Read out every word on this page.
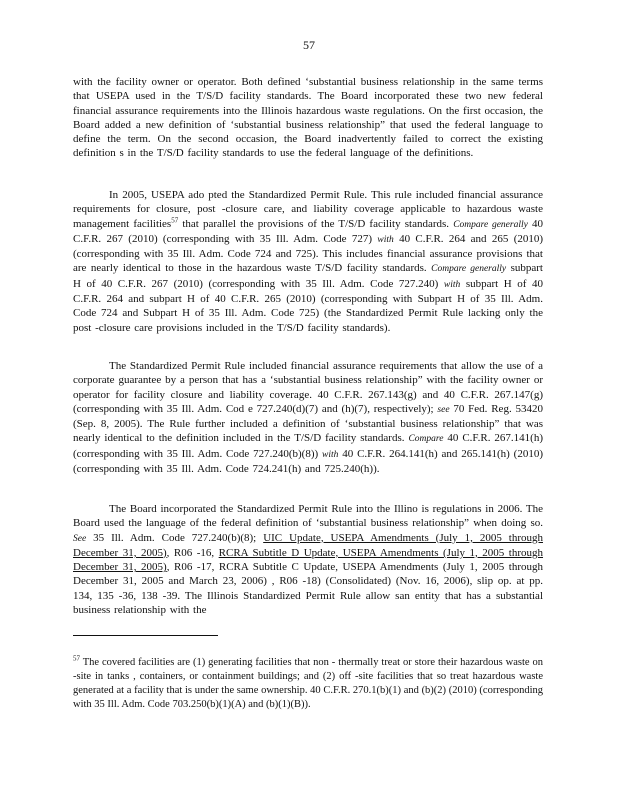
57

with the facility owner or operator. Both defined ‘substantial business relationship in the same terms that USEPA used in the T/S/D facility standards. The Board incorporated these two new federal financial assurance requirements into the Illinois hazardous waste regulations. On the first occasion, the Board added a new definition of ‘substantial business relationship” that used the federal language to define the term. On the second occasion, the Board inadvertently failed to correct the existing definition s in the T/S/D facility standards to use the federal language of the definitions.

In 2005, USEPA ado pted the Standardized Permit Rule. This rule included financial assurance requirements for closure, post -closure care, and liability coverage applicable to hazardous waste management facilities$^{57}$ that parallel the provisions of the T/S/D facility standards. Compare generally 40 C.F.R. 267 (2010) (corresponding with 35 Ill. Adm. Code 727) with 40 C.F.R. 264 and 265 (2010) (corresponding with 35 Ill. Adm. Code 724 and 725). This includes financial assurance provisions that are nearly identical to those in the hazardous waste T/S/D facility standards. Compare generally subpart H of 40 C.F.R. 267 (2010) (corresponding with 35 Ill. Adm. Code 727.240) with subpart H of 40 C.F.R. 264 and subpart H of 40 C.F.R. 265 (2010) (corresponding with Subpart H of 35 Ill. Adm. Code 724 and Subpart H of 35 Ill. Adm. Code 725) (the Standardized Permit Rule lacking only the post -closure care provisions included in the T/S/D facility standards).

The Standardized Permit Rule included financial assurance requirements that allow the use of a corporate guarantee by a person that has a ‘substantial business relationship” with the facility owner or operator for facility closure and liability coverage. 40 C.F.R. 267.143(g) and 40 C.F.R. 267.147(g) (corresponding with 35 Ill. Adm. Cod e 727.240(d)(7) and (h)(7), respectively); see 70 Fed. Reg. 53420 (Sep. 8, 2005). The Rule further included a definition of ‘substantial business relationship” that was nearly identical to the definition included in the T/S/D facility standards. Compare 40 C.F.R. 267.141(h) (corresponding with 35 Ill. Adm. Code 727.240(b)(8)) with 40 C.F.R. 264.141(h) and 265.141(h) (2010) (corresponding with 35 Ill. Adm. Code 724.241(h) and 725.240(h)).

The Board incorporated the Standardized Permit Rule into the Illino is regulations in 2006. The Board used the language of the federal definition of ‘substantial business relationship” when doing so. See 35 Ill. Adm. Code 727.240(b)(8); UIC Update, USEPA Amendments (July 1, 2005 through December 31, 2005), R06 -16, RCRA Subtitle D Update, USEPA Amendments (July 1, 2005 through December 31, 2005), R06 -17, RCRA Subtitle C Update, USEPA Amendments (July 1, 2005 through December 31, 2005 and March 23, 2006) , R06 -18) (Consolidated) (Nov. 16, 2006), slip op. at pp. 134, 135 -36, 138 -39. The Illinois Standardized Permit Rule allow san entity that has a substantial business relationship with the

$^{57}$ The covered facilities are (1) generating facilities that non - thermally treat or store their hazardous waste on -site in tanks , containers, or containment buildings; and (2) off -site facilities that so treat hazardous waste generated at a facility that is under the same ownership. 40 C.F.R. 270.1(b)(1) and (b)(2) (2010) (corresponding with 35 Ill. Adm. Code 703.250(b)(1)(A) and (b)(1)(B)).
